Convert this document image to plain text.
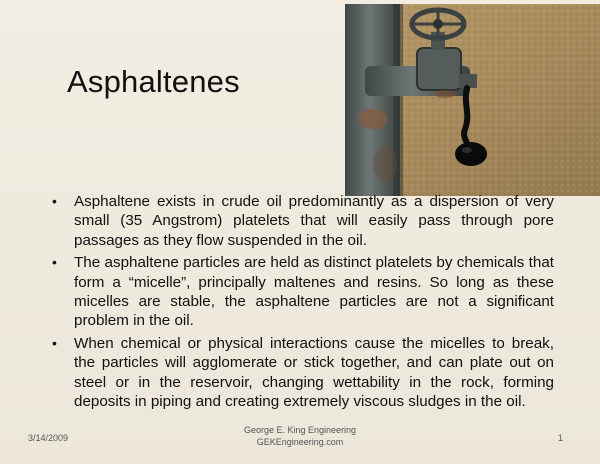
Asphaltenes
• Asphaltene exists in crude oil predominantly as a dispersion of very small (35 Angstrom) platelets that will easily pass through pore passages as they flow suspended in the oil.
• The asphaltene particles are held as distinct platelets by chemicals that form a “micelle”, principally maltenes and resins. So long as these micelles are stable, the asphaltene particles are not a significant problem in the oil.
• When chemical or physical interactions cause the micelles to break, the particles will agglomerate or stick together, and can plate out on steel or in the reservoir, changing wettability in the rock, forming deposits in piping and creating extremely viscous sludges in the oil.
3/14/2009
George E. King Engineering
GEKEngineering.com	1
